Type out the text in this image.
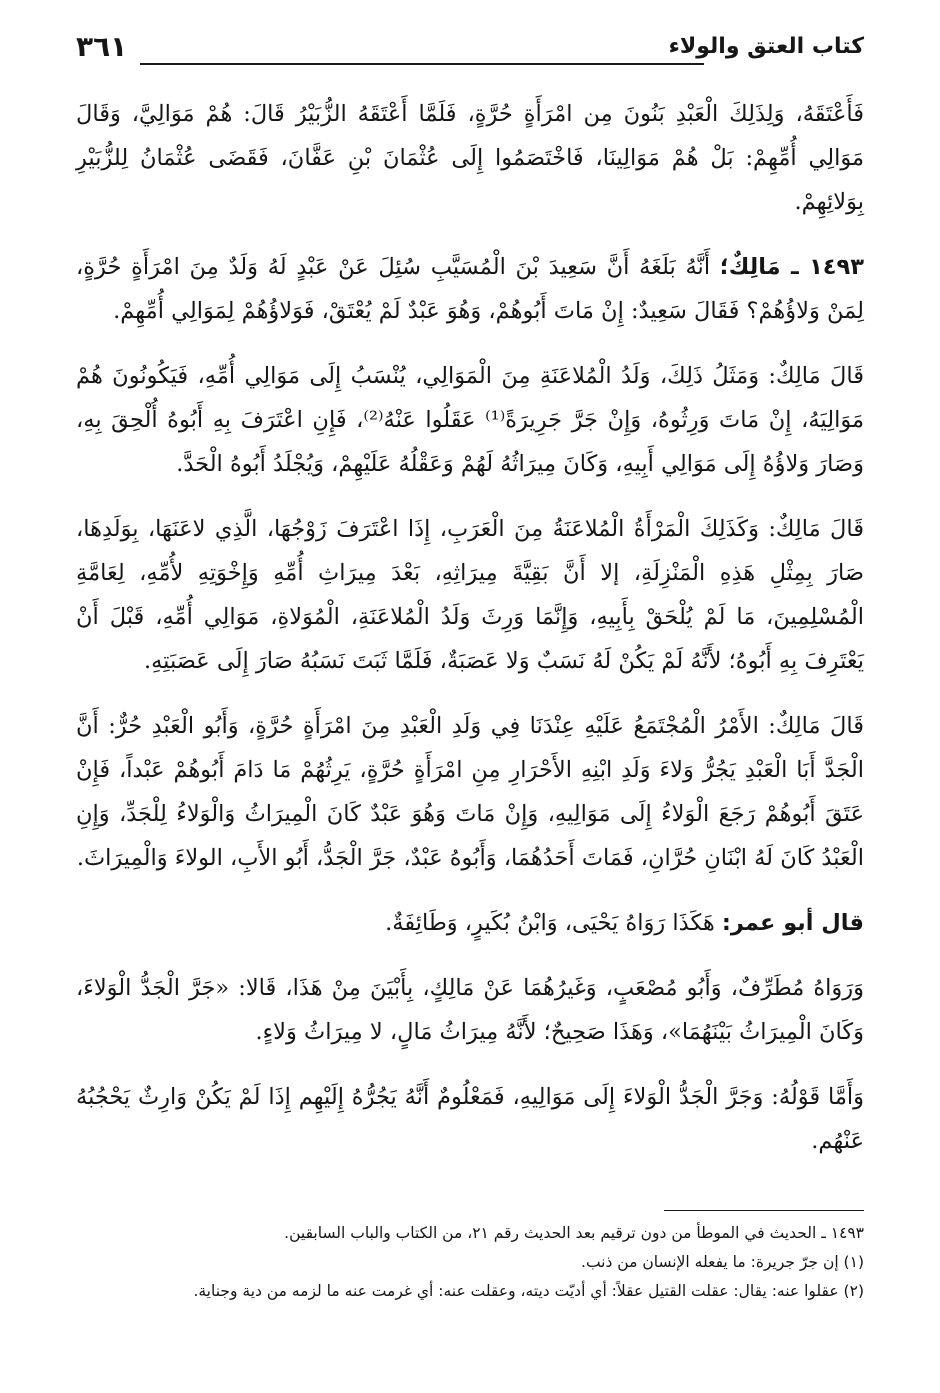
كتاب العتق والولاء
٣٦١

فَأَعْتَقَهُ، وَلِذَلِكَ الْعَبْدِ بَنُونَ مِن امْرَأَةٍ حُرَّةٍ، فَلَمَّا أَعْتَقَهُ الزُّبَيْرُ قَالَ: هُمْ مَوَالِيَّ، وَقَالَ مَوَالِي أُمِّهِمْ: بَلْ هُمْ مَوَالِينَا، فَاخْتَصَمُوا إِلَى عُثْمَانَ بْنِ عَفَّانَ، فَقَضَى عُثْمَانُ لِلزُّبَيْرِ بِوَلائِهِمْ.

١٤٩٣ ـ مَالِكٌ؛ أَنَّهُ بَلَغَهُ أَنَّ سَعِيدَ بْنَ الْمُسَيَّبِ سُئِلَ عَنْ عَبْدٍ لَهُ وَلَدٌ مِنَ امْرَأَةٍ حُرَّةٍ، لِمَنْ وَلاؤُهُمْ؟ فَقَالَ سَعِيدٌ: إِنْ مَاتَ أَبُوهُمْ، وَهُوَ عَبْدٌ لَمْ يُعْتَقْ، فَوَلاؤُهُمْ لِمَوَالِي أُمِّهِمْ.

قَالَ مَالِكٌ: وَمَثَلُ ذَلِكَ، وَلَدُ الْمُلاعَنَةِ مِنَ الْمَوَالِي، يُنْسَبُ إِلَى مَوَالِي أُمِّهِ، فَيَكُونُونَ هُمْ مَوَالِيَهُ، إِنْ مَاتَ وَرِثُوهُ، وَإِنْ جَرَّ جَرِيرَةً⁽¹⁾ عَقَلُوا عَنْهُ⁽²⁾، فَإِنِ اعْتَرَفَ بِهِ أَبُوهُ أُلْحِقَ بِهِ، وَصَارَ وَلاؤُهُ إِلَى مَوَالِي أَبِيهِ، وَكَانَ مِيرَاثُهُ لَهُمْ وَعَقْلُهُ عَلَيْهِمْ، وَيُجْلَدُ أَبُوهُ الْحَدَّ.

قَالَ مَالِكٌ: وَكَذَلِكَ الْمَرْأَةُ الْمُلاعَنَةُ مِنَ الْعَرَبِ، إِذَا اعْتَرَفَ زَوْجُهَا، الَّذِي لاعَنَهَا، بِوَلَدِهَا، صَارَ بِمِثْلِ هَذِهِ الْمَنْزِلَةِ، إلا أَنَّ بَقِيَّةَ مِيرَاثِهِ، بَعْدَ مِيرَاثِ أُمِّهِ وَإِخْوَتِهِ لأُمِّهِ، لِعَامَّةِ الْمُسْلِمِينَ، مَا لَمْ يُلْحَقْ بِأَبِيهِ، وَإِنَّمَا وَرِثَ وَلَدُ الْمُلاعَنَةِ، الْمُوَلاةِ، مَوَالِي أُمِّهِ، قَبْلَ أَنْ يَعْتَرِفَ بِهِ أَبُوهُ؛ لأَنَّهُ لَمْ يَكُنْ لَهُ نَسَبٌ وَلا عَصَبَةٌ، فَلَمَّا ثَبَتَ نَسَبُهُ صَارَ إِلَى عَصَبَتِهِ.

قَالَ مَالِكٌ: الأَمْرُ الْمُجْتَمَعُ عَلَيْهِ عِنْدَنَا فِي وَلَدِ الْعَبْدِ مِنَ امْرَأَةٍ حُرَّةٍ، وَأَبُو الْعَبْدِ حُرٌّ: أَنَّ الْجَدَّ أَبَا الْعَبْدِ يَجُرُّ وَلاءَ وَلَدِ ابْنِهِ الأَحْرَارِ مِنِ امْرَأَةٍ حُرَّةٍ، يَرِثُهُمْ مَا دَامَ أَبُوهُمْ عَبْداً، فَإِنْ عَتَقَ أَبُوهُمْ رَجَعَ الْوَلاءُ إِلَى مَوَالِيهِ، وَإِنْ مَاتَ وَهُوَ عَبْدٌ كَانَ الْمِيرَاثُ وَالْوَلاءُ لِلْجَدِّ، وَإِنِ الْعَبْدُ كَانَ لَهُ ابْنَانِ حُرَّانِ، فَمَاتَ أَحَدُهُمَا، وَأَبُوهُ عَبْدٌ، جَرَّ الْجَدُّ، أَبُو الأَبِ، الولاءَ وَالْمِيرَاثَ.

قال أبو عمر: هَكَذَا رَوَاهُ يَحْيَى، وَابْنُ بُكَيرٍ، وَطَائِفَةٌ.

وَرَوَاهُ مُطَرِّفٌ، وَأَبُو مُصْعَبٍ، وَغَيرُهُمَا عَنْ مَالِكٍ، بِأَبْيَنَ مِنْ هَذَا، قَالا: «جَرَّ الْجَدُّ الْوَلاءَ، وَكَانَ الْمِيرَاثُ بَيْنَهُمَا»، وَهَذَا صَحِيحٌ؛ لأَنَّهُ مِيرَاثُ مَالٍ، لا مِيرَاثُ وَلاءٍ.

وَأَمَّا قَوْلُهُ: وَجَرَّ الْجَدُّ الْوَلاءَ إِلَى مَوَالِيهِ، فَمَعْلُومٌ أَنَّهُ يَجُرُّهُ إِلَيْهِم إِذَا لَمْ يَكُنْ وَارِثٌ يَحْجُبُهُ عَنْهُم.

١٤٩٣ ـ الحديث في الموطأ من دون ترقيم بعد الحديث رقم ٢١، من الكتاب والباب السابقين.

(١) إن جرّ جريرة: ما يفعله الإنسان من ذنب.

(٢) عقلوا عنه: يقال: عقلت القتيل عقلاً: أي أديّت ديته، وعقلت عنه: أي غرمت عنه ما لزمه من دية وجناية.
